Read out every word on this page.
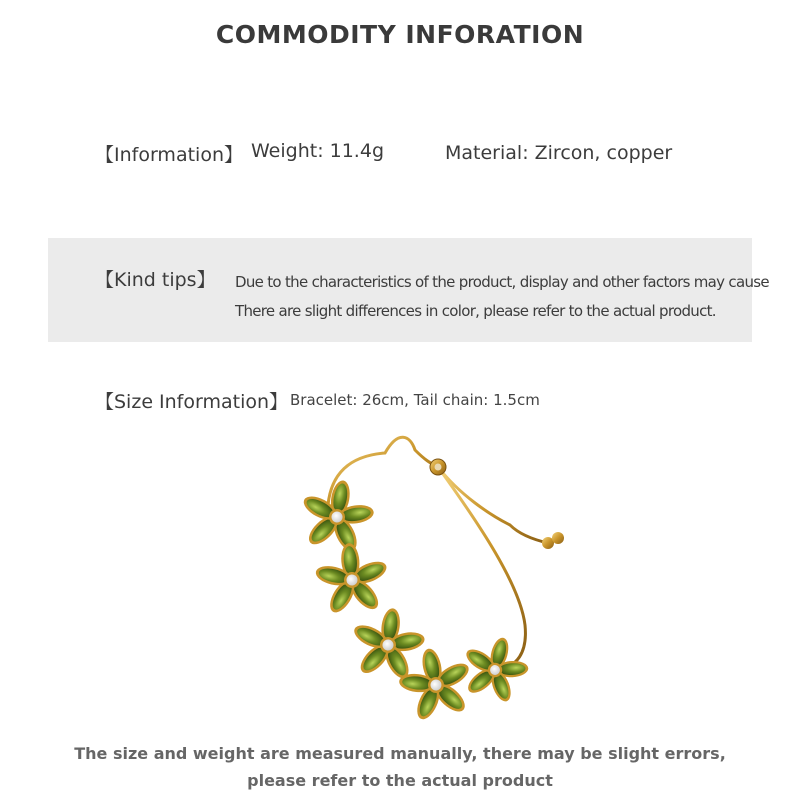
COMMODITY INFORATION
【Information】 Weight: 11.4g	Material: Zircon, copper
【Kind tips】 Due to the characteristics of the product, display and other factors may cause
There are slight differences in color, please refer to the actual product.
【Size Information】 Bracelet: 26cm, Tail chain: 1.5cm
The size and weight are measured manually, there may be slight errors,
please refer to the actual product
